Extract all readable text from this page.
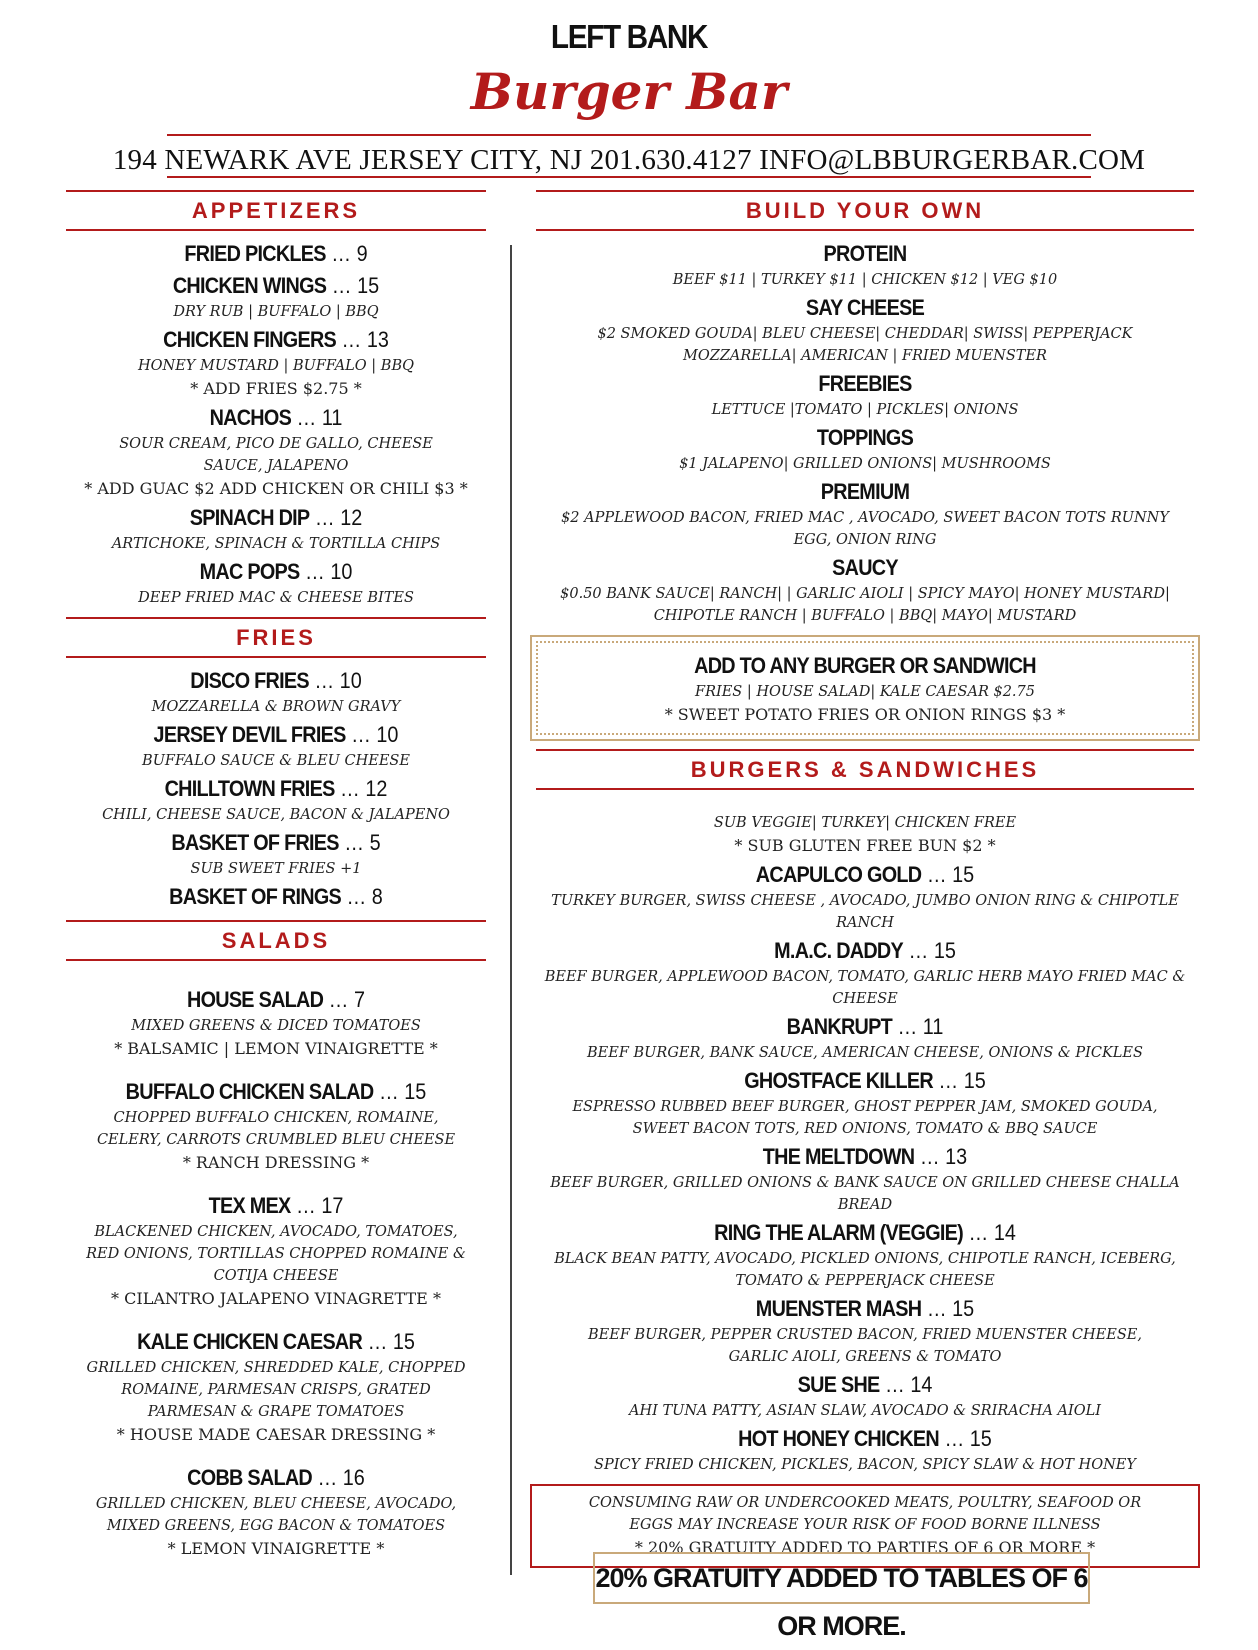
LEFT BANK
Burger Bar
194 NEWARK AVE JERSEY CITY, NJ 201.630.4127 INFO@LBBURGERBAR.COM
APPETIZERS
FRIED PICKLES … 9
CHICKEN WINGS … 15
DRY RUB | BUFFALO | BBQ
CHICKEN FINGERS … 13
HONEY MUSTARD | BUFFALO | BBQ
* ADD FRIES $2.75 *
NACHOS … 11
SOUR CREAM, PICO DE GALLO, CHEESE SAUCE, JALAPENO
* ADD GUAC $2 ADD CHICKEN OR CHILI $3 *
SPINACH DIP … 12
ARTICHOKE, SPINACH & TORTILLA CHIPS
MAC POPS … 10
DEEP FRIED MAC & CHEESE BITES
FRIES
DISCO FRIES … 10
MOZZARELLA & BROWN GRAVY
JERSEY DEVIL FRIES … 10
BUFFALO SAUCE & BLEU CHEESE
CHILLTOWN FRIES … 12
CHILI, CHEESE SAUCE, BACON & JALAPENO
BASKET OF FRIES … 5
SUB SWEET FRIES +1
BASKET OF RINGS … 8
SALADS
HOUSE SALAD … 7
MIXED GREENS & DICED TOMATOES
* BALSAMIC | LEMON VINAIGRETTE *
BUFFALO CHICKEN SALAD … 15
CHOPPED BUFFALO CHICKEN, ROMAINE, CELERY, CARROTS CRUMBLED BLEU CHEESE
* RANCH DRESSING *
TEX MEX … 17
BLACKENED CHICKEN, AVOCADO, TOMATOES, RED ONIONS, TORTILLAS CHOPPED ROMAINE & COTIJA CHEESE
* CILANTRO JALAPENO VINAGRETTE *
KALE CHICKEN CAESAR … 15
GRILLED CHICKEN, SHREDDED KALE, CHOPPED ROMAINE, PARMESAN CRISPS, GRATED PARMESAN & GRAPE TOMATOES
* HOUSE MADE CAESAR DRESSING *
COBB SALAD … 16
GRILLED CHICKEN, BLEU CHEESE, AVOCADO, MIXED GREENS, EGG BACON & TOMATOES
* LEMON VINAIGRETTE *
BUILD YOUR OWN
PROTEIN
BEEF $11 | TURKEY $11 | CHICKEN $12 | VEG $10
SAY CHEESE
$2 SMOKED GOUDA| BLEU CHEESE| CHEDDAR| SWISS| PEPPERJACK MOZZARELLA| AMERICAN | FRIED MUENSTER
FREEBIES
LETTUCE |TOMATO | PICKLES| ONIONS
TOPPINGS
$1 JALAPENO| GRILLED ONIONS| MUSHROOMS
PREMIUM
$2 APPLEWOOD BACON, FRIED MAC , AVOCADO, SWEET BACON TOTS RUNNY EGG, ONION RING
SAUCY
$0.50 BANK SAUCE| RANCH| | GARLIC AIOLI | SPICY MAYO| HONEY MUSTARD| CHIPOTLE RANCH | BUFFALO | BBQ| MAYO| MUSTARD
ADD TO ANY BURGER OR SANDWICH
FRIES | HOUSE SALAD| KALE CAESAR $2.75
* SWEET POTATO FRIES OR ONION RINGS $3 *
BURGERS & SANDWICHES
SUB VEGGIE| TURKEY| CHICKEN FREE
* SUB GLUTEN FREE BUN $2 *
ACAPULCO GOLD … 15
TURKEY BURGER, SWISS CHEESE , AVOCADO, JUMBO ONION RING & CHIPOTLE RANCH
M.A.C. DADDY … 15
BEEF BURGER, APPLEWOOD BACON, TOMATO, GARLIC HERB MAYO FRIED MAC & CHEESE
BANKRUPT … 11
BEEF BURGER, BANK SAUCE, AMERICAN CHEESE, ONIONS & PICKLES
GHOSTFACE KILLER … 15
ESPRESSO RUBBED BEEF BURGER, GHOST PEPPER JAM, SMOKED GOUDA, SWEET BACON TOTS, RED ONIONS, TOMATO & BBQ SAUCE
THE MELTDOWN … 13
BEEF BURGER, GRILLED ONIONS & BANK SAUCE ON GRILLED CHEESE CHALLA BREAD
RING THE ALARM (VEGGIE) … 14
BLACK BEAN PATTY, AVOCADO, PICKLED ONIONS, CHIPOTLE RANCH, ICEBERG, TOMATO & PEPPERJACK CHEESE
MUENSTER MASH … 15
BEEF BURGER, PEPPER CRUSTED BACON, FRIED MUENSTER CHEESE, GARLIC AIOLI, GREENS & TOMATO
SUE SHE … 14
AHI TUNA PATTY, ASIAN SLAW, AVOCADO & SRIRACHA AIOLI
HOT HONEY CHICKEN … 15
SPICY FRIED CHICKEN, PICKLES, BACON, SPICY SLAW & HOT HONEY
CONSUMING RAW OR UNDERCOOKED MEATS, POULTRY, SEAFOOD OR EGGS MAY INCREASE YOUR RISK OF FOOD BORNE ILLNESS
* 20% GRATUITY ADDED TO PARTIES OF 6 OR MORE *
20% GRATUITY ADDED TO TABLES OF 6 OR MORE.
